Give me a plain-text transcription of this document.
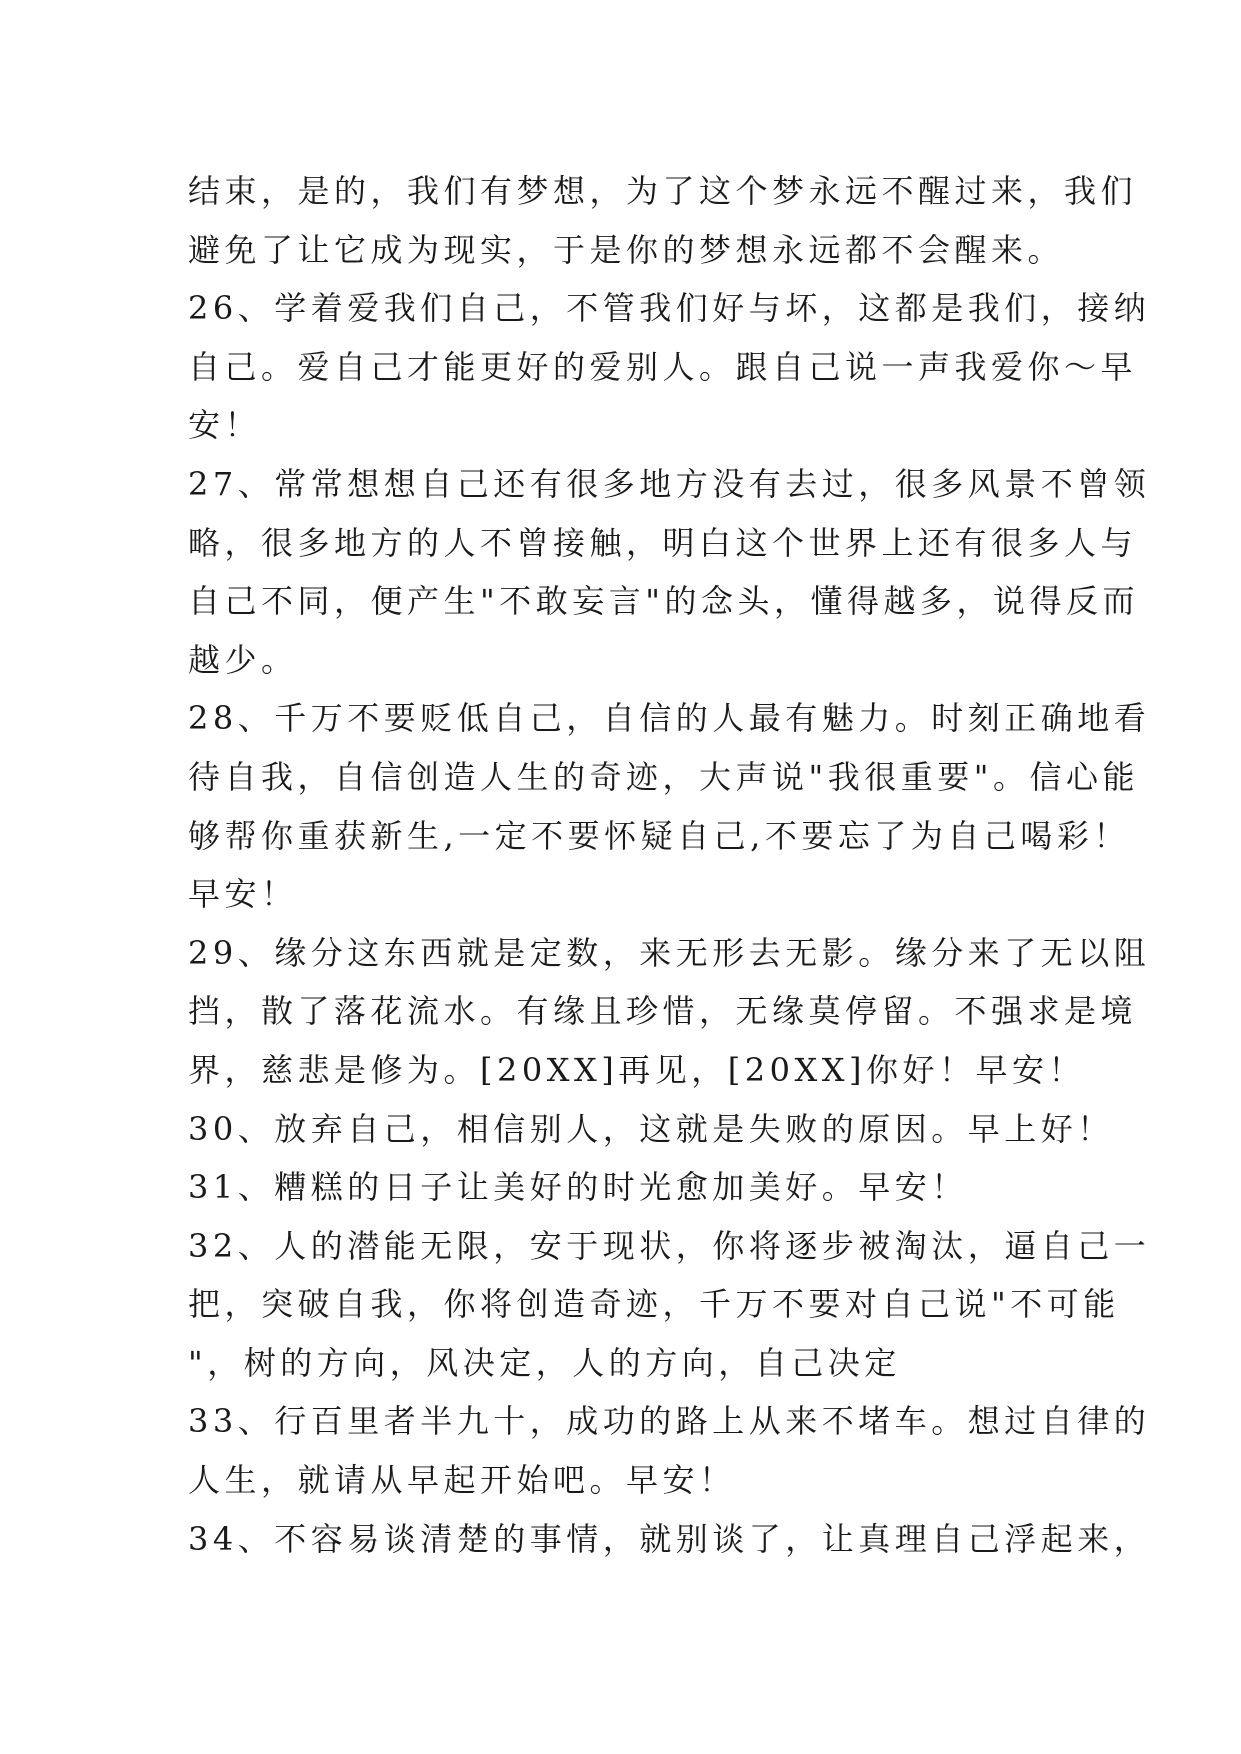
结束，是的，我们有梦想，为了这个梦永远不醒过来，我们
避免了让它成为现实，于是你的梦想永远都不会醒来。
26、学着爱我们自己，不管我们好与坏，这都是我们，接纳
自己。爱自己才能更好的爱别人。跟自己说一声我爱你～早
安！
27、常常想想自己还有很多地方没有去过，很多风景不曾领
略，很多地方的人不曾接触，明白这个世界上还有很多人与
自己不同，便产生"不敢妄言"的念头，懂得越多，说得反而
越少。
28、千万不要贬低自己，自信的人最有魅力。时刻正确地看
待自我，自信创造人生的奇迹，大声说"我很重要"。信心能
够帮你重获新生,一定不要怀疑自己,不要忘了为自己喝彩！
早安！
29、缘分这东西就是定数，来无形去无影。缘分来了无以阻
挡，散了落花流水。有缘且珍惜，无缘莫停留。不强求是境
界，慈悲是修为。[20XX]再见，[20XX]你好！早安！
30、放弃自己，相信别人，这就是失败的原因。早上好！
31、糟糕的日子让美好的时光愈加美好。早安！
32、人的潜能无限，安于现状，你将逐步被淘汰，逼自己一
把，突破自我，你将创造奇迹，千万不要对自己说"不可能
"，树的方向，风决定，人的方向，自己决定
33、行百里者半九十，成功的路上从来不堵车。想过自律的
人生，就请从早起开始吧。早安！
34、不容易谈清楚的事情，就别谈了，让真理自己浮起来，
